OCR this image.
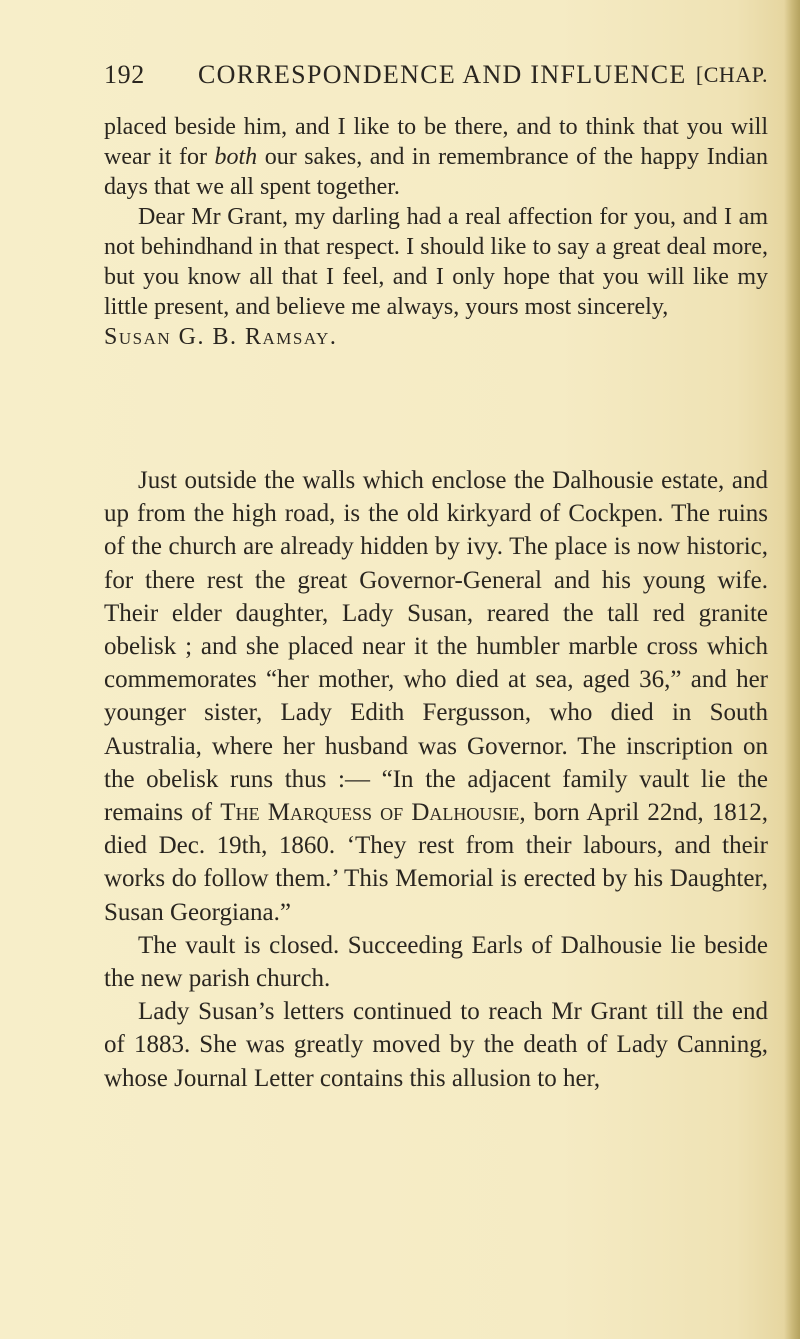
192 CORRESPONDENCE AND INFLUENCE [CHAP.

placed beside him, and I like to be there, and to think that you will wear it for both our sakes, and in remembrance of the happy Indian days that we all spent together.

Dear Mr Grant, my darling had a real affection for you, and I am not behindhand in that respect. I should like to say a great deal more, but you know all that I feel, and I only hope that you will like my little present, and believe me always, yours most sincerely,

Susan G. B. Ramsay.

Just outside the walls which enclose the Dalhousie estate, and up from the high road, is the old kirkyard of Cockpen. The ruins of the church are already hidden by ivy. The place is now historic, for there rest the great Governor-General and his young wife. Their elder daughter, Lady Susan, reared the tall red granite obelisk ; and she placed near it the humbler marble cross which commemorates “her mother, who died at sea, aged 36,” and her younger sister, Lady Edith Fergusson, who died in South Australia, where her husband was Governor. The inscription on the obelisk runs thus :— “In the adjacent family vault lie the remains of The Marquess of Dalhousie, born April 22nd, 1812, died Dec. 19th, 1860. ‘They rest from their labours, and their works do follow them.’ This Memorial is erected by his Daughter, Susan Georgiana.”

The vault is closed. Succeeding Earls of Dalhousie lie beside the new parish church.

Lady Susan’s letters continued to reach Mr Grant till the end of 1883. She was greatly moved by the death of Lady Canning, whose Journal Letter contains this allusion to her,
